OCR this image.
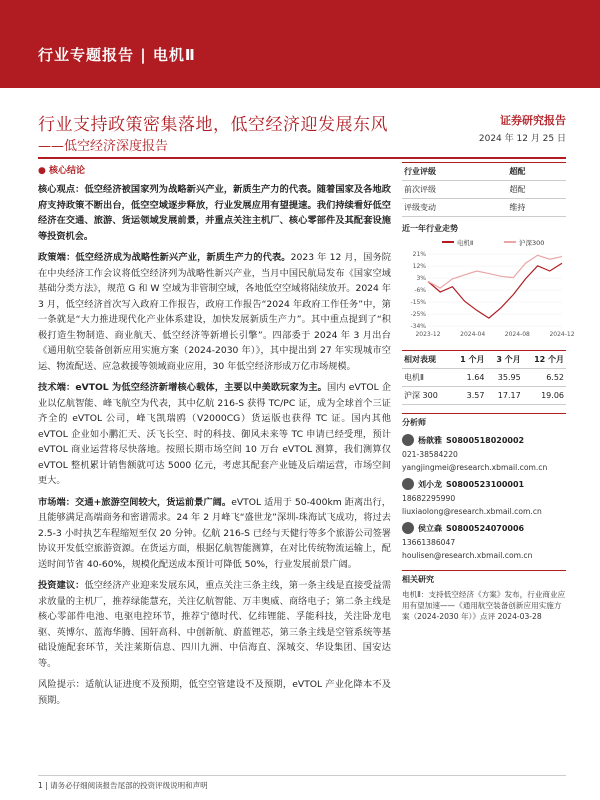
行业专题报告 | 电机Ⅱ
行业支持政策密集落地，低空经济迎发展东风
——低空经济深度报告
证券研究报告
2024 年 12 月 25 日
● 核心结论

核心观点：低空经济被国家列为战略新兴产业，新质生产力的代表。随着国家及各地政府支持政策不断出台，低空空域逐步释放，行业发展应用有望提速。我们持续看好低空经济在交通、旅游、货运领域发展前景，并重点关注主机厂、核心零部件及其配套设施等投资机会。

政策端：低空经济成为战略性新兴产业，新质生产力的代表。2023 年 12 月，国务院在中央经济工作会议将低空经济列为战略性新兴产业，当月中国民航局发布《国家空域基础分类方法》，规范 G 和 W 空域为非管制空域，各地低空空域将陆续放开。2024 年 3 月，低空经济首次写入政府工作报告，政府工作报告“2024 年政府工作任务”中，第一条就是“大力推进现代化产业体系建设，加快发展新质生产力”。其中重点提到了“积极打造生物制造、商业航天、低空经济等新增长引擎”。四部委于 2024 年 3 月出台《通用航空装备创新应用实施方案（2024-2030 年）》，其中提出到 27 年实现城市空运、物流配送、应急救援等领域商业应用，30 年低空经济形成万亿市场规模。

技术端：eVTOL 为低空经济新增核心载体，主要以中美欧玩家为主。国内 eVTOL 企业以亿航智能、峰飞航空为代表，其中亿航 216-S 获得 TC/PC 证，成为全球首个三证齐全的 eVTOL 公司，峰飞凯瑞鸥（V2000CG）货运版也获得 TC 证。国内其他 eVTOL 企业如小鹏汇天、沃飞长空、时的科技、御风未来等 TC 申请已经受理，预计 eVTOL 商业运营将尽快落地。按照长期市场空间 10 万台 eVTOL 测算，我们测算仅 eVTOL 整机累计销售额就可达 5000 亿元，考虑其配套产业链及后端运营，市场空间更大。

市场端：交通+旅游空间较大，货运前景广阔。eVTOL 适用于 50-400km 距离出行，且能够满足高端商务和密谱需求。24 年 2 月峰飞“盛世龙”深圳-珠海试飞成功，将过去 2.5-3 小时执艺车程缩短至仅 20 分钟。亿航 216-S 已经与天健行等多个旅游公司签署协议开发低空旅游资源。在货运方面，根据亿航智能测算，在对比传统物流运输上，配送时间节省 40-60%，规模化配送成本预计可降低 50%，行业发展前景广阔。

投资建议：低空经济产业迎来发展东风，重点关注三条主线，第一条主线是直接受益需求放量的主机厂，推荐绿能慧充，关注亿航智能、万丰奥威、商络电子；第二条主线是核心零部件电池、电驱电控环节，推荐宁德时代、亿纬锂能、孚能科技，关注卧龙电驱、英博尔、蓝海华腾、国轩高科、中创新航、蔚蓝锂芯，第三条主线是空管系统等基础设施配套环节，关注莱斯信息、四川九洲、中信海直、深城交、华设集团、国安达等。

风险提示：适航认证进度不及预期，低空空管建设不及预期，eVTOL 产业化降本不及预期。

行业评级	超配
前次评级	超配
评级变动	维持
近一年行业走势
电机Ⅱ	沪深300
21%
12%
3%
-6%
-15%
-25%
-34%
2023-12	2024-04	2024-08	2024-12
相对表现	1 个月	3 个月	12 个月
电机Ⅱ	1.64	35.95	6.52
沪深 300	3.57	17.17	19.06
分析师
杨歆雅 S0800518020002
021-38584220
yangjingmei@research.xbmail.com.cn
刘小龙 S0800523100001
18682295990
liuxiaolong@research.xbmail.com.cn
侯立森 S0800524070006
13661386047
houlisen@research.xbmail.com.cn
相关研究
电机Ⅱ：支持低空经济《方案》发布，行业商业应用有望加速——《通用航空装备创新应用实施方案（2024-2030 年）》点评 2024-03-28
1 | 请务必仔细阅读报告尾部的投资评级说明和声明
